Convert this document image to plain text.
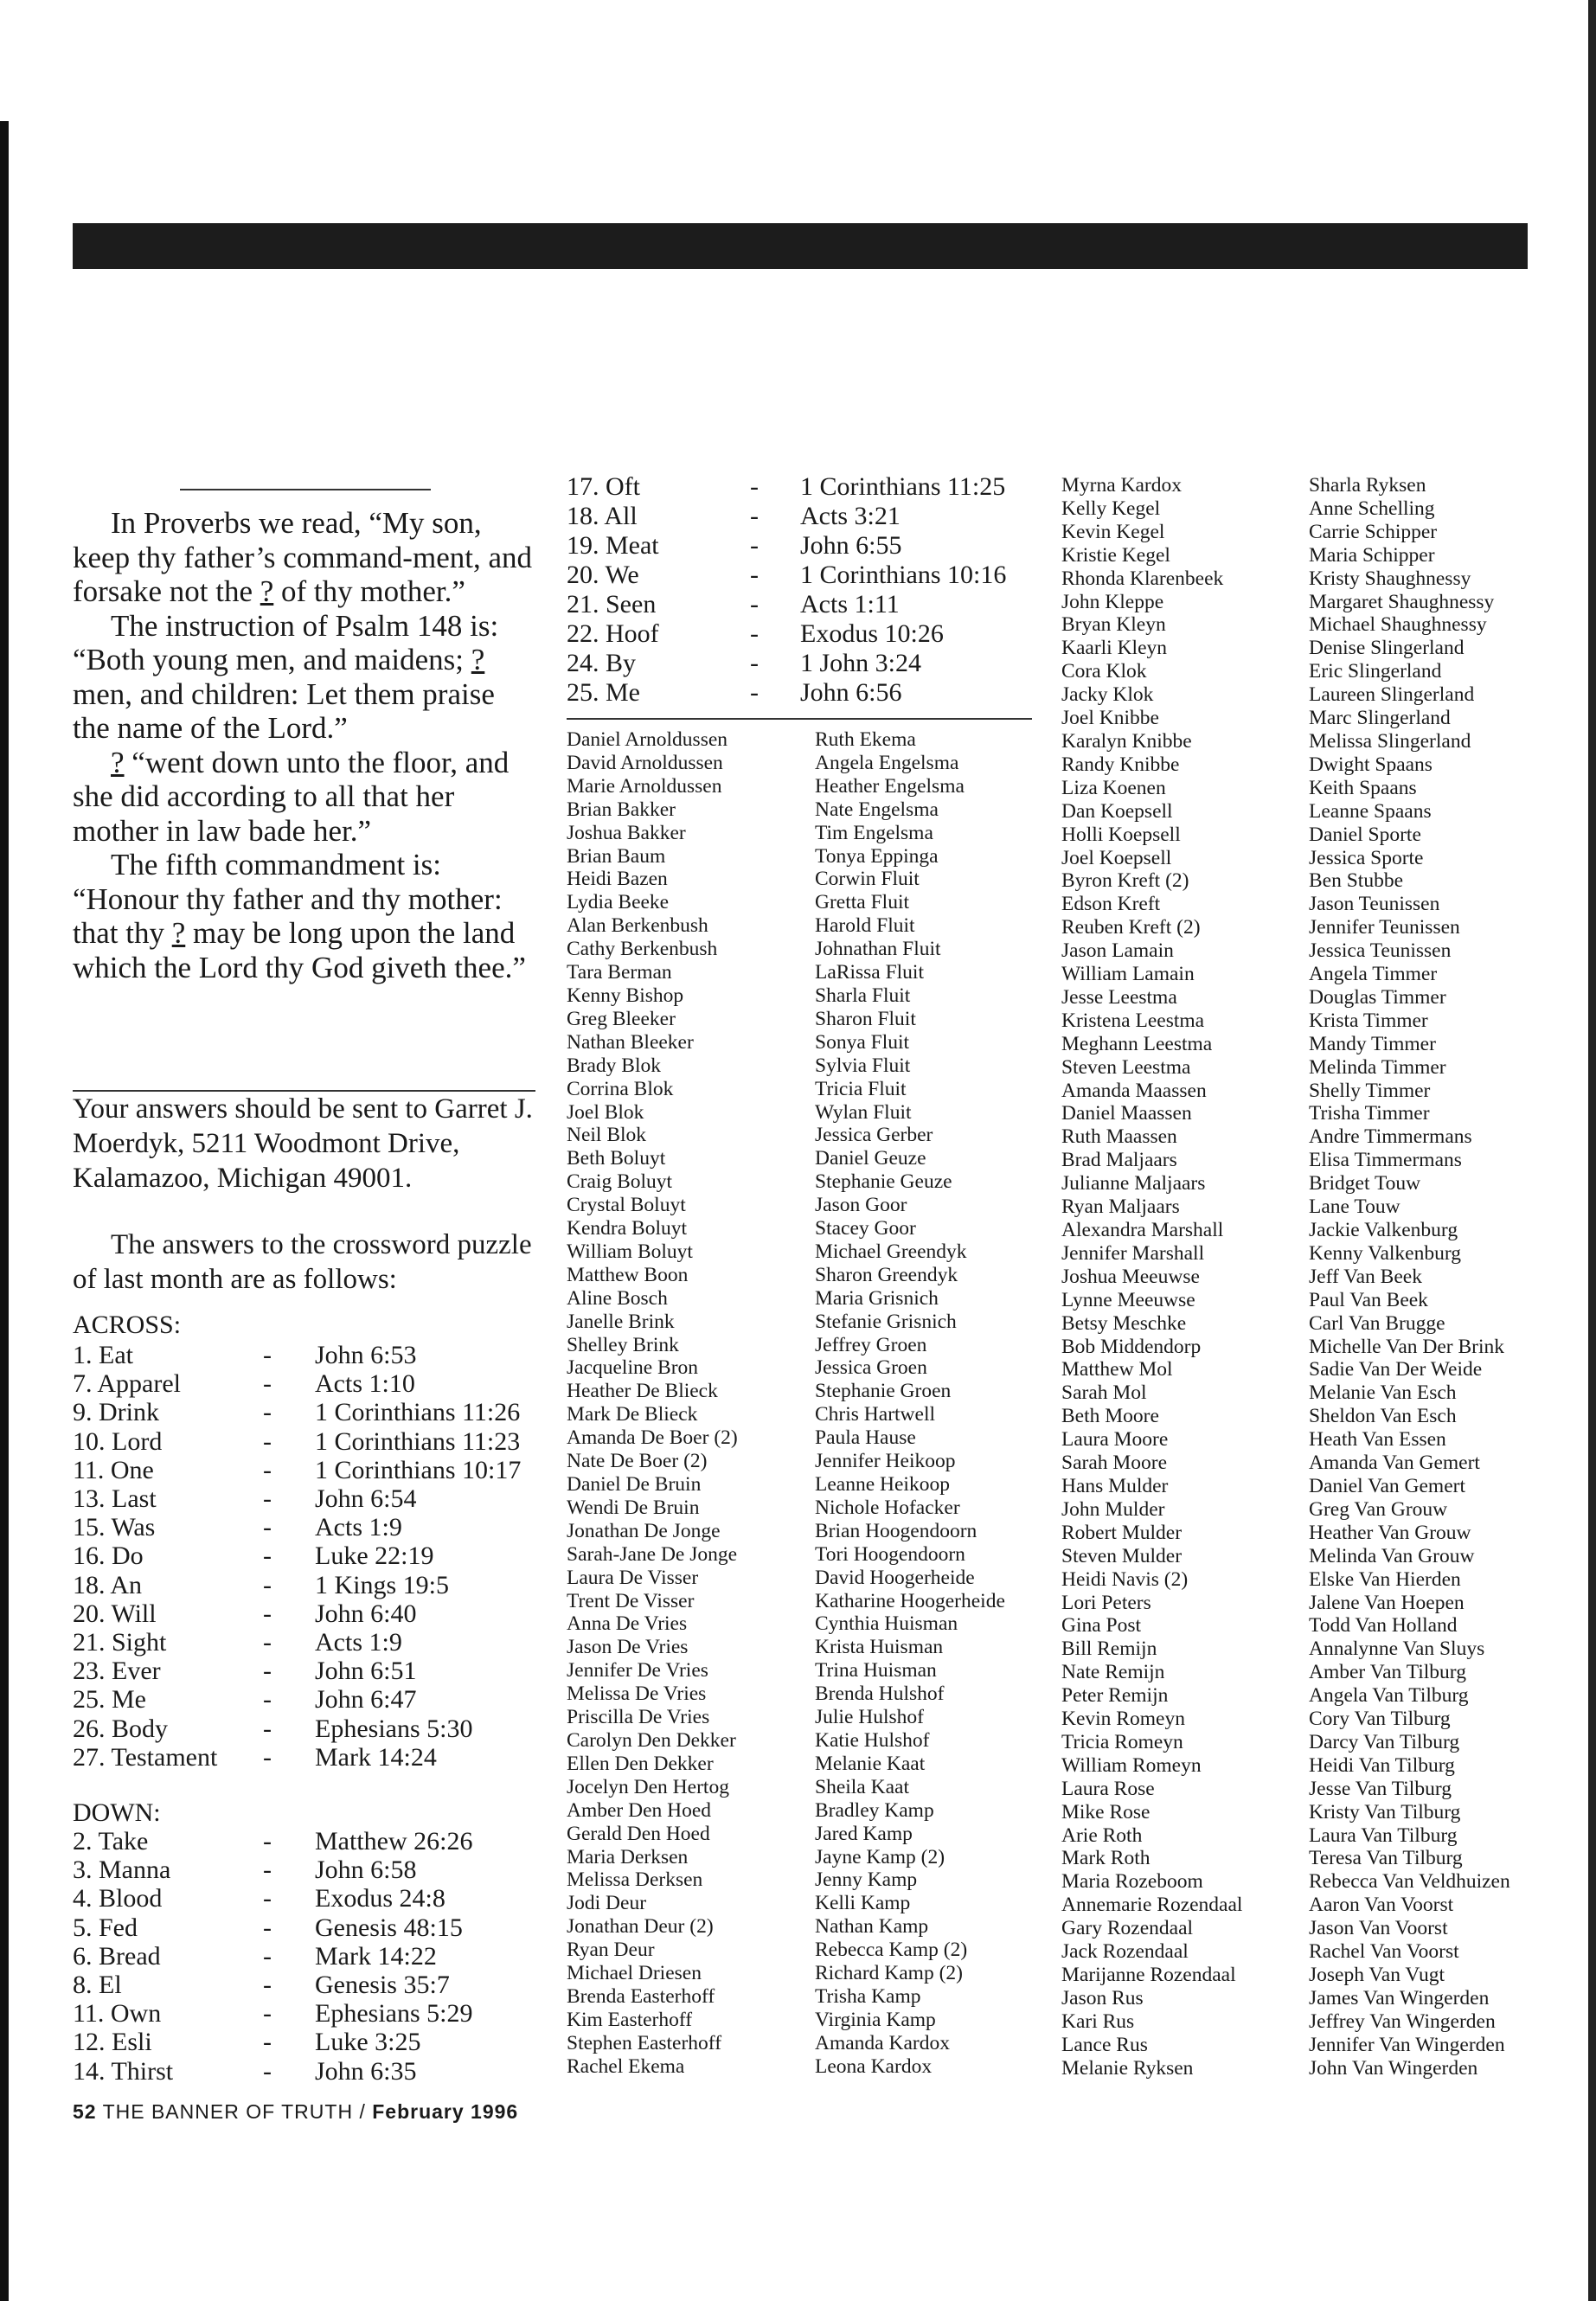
In Proverbs we read, “My son, keep thy father’s command-ment, and forsake not the ? of thy mother.”

The instruction of Psalm 148 is: “Both young men, and maidens; ? men, and children: Let them praise the name of the Lord.”

? “went down unto the floor, and she did according to all that her mother in law bade her.”

The fifth commandment is: “Honour thy father and thy mother: that thy ? may be long upon the land which the Lord thy God giveth thee.”

Your answers should be sent to Garret J. Moerdyk, 5211 Woodmont Drive, Kalamazoo, Michigan 49001.
The answers to the crossword puzzle of last month are as follows:
ACROSS:
1. Eat	-	John 6:53
7. Apparel	-	Acts 1:10
9. Drink	-	1 Corinthians 11:26
10. Lord	-	1 Corinthians 11:23
11. One	-	1 Corinthians 10:17
13. Last	-	John 6:54
15. Was	-	Acts 1:9
16. Do	-	Luke 22:19
18. An	-	1 Kings 19:5
20. Will	-	John 6:40
21. Sight	-	Acts 1:9
23. Ever	-	John 6:51
25. Me	-	John 6:47
26. Body	-	Ephesians 5:30
27. Testament	-	Mark 14:24
DOWN:
2. Take	-	Matthew 26:26
3. Manna	-	John 6:58
4. Blood	-	Exodus 24:8
5. Fed	-	Genesis 48:15
6. Bread	-	Mark 14:22
8. El	-	Genesis 35:7
11. Own	-	Ephesians 5:29
12. Esli	-	Luke 3:25
14. Thirst	-	John 6:35
52 THE BANNER OF TRUTH / February 1996
17. Oft	-	1 Corinthians 11:25
18. All	-	Acts 3:21
19. Meat	-	John 6:55
20. We	-	1 Corinthians 10:16
21. Seen	-	Acts 1:11
22. Hoof	-	Exodus 10:26
24. By	-	1 John 3:24
25. Me	-	John 6:56
Daniel Arnoldussen
David Arnoldussen
Marie Arnoldussen
Brian Bakker
Joshua Bakker
Brian Baum
Heidi Bazen
Lydia Beeke
Alan Berkenbush
Cathy Berkenbush
Tara Berman
Kenny Bishop
Greg Bleeker
Nathan Bleeker
Brady Blok
Corrina Blok
Joel Blok
Neil Blok
Beth Boluyt
Craig Boluyt
Crystal Boluyt
Kendra Boluyt
William Boluyt
Matthew Boon
Aline Bosch
Janelle Brink
Shelley Brink
Jacqueline Bron
Heather De Blieck
Mark De Blieck
Amanda De Boer (2)
Nate De Boer (2)
Daniel De Bruin
Wendi De Bruin
Jonathan De Jonge
Sarah-Jane De Jonge
Laura De Visser
Trent De Visser
Anna De Vries
Jason De Vries
Jennifer De Vries
Melissa De Vries
Priscilla De Vries
Carolyn Den Dekker
Ellen Den Dekker
Jocelyn Den Hertog
Amber Den Hoed
Gerald Den Hoed
Maria Derksen
Melissa Derksen
Jodi Deur
Jonathan Deur (2)
Ryan Deur
Michael Driesen
Brenda Easterhoff
Kim Easterhoff
Stephen Easterhoff
Rachel Ekema
Ruth Ekema
Angela Engelsma
Heather Engelsma
Nate Engelsma
Tim Engelsma
Tonya Eppinga
Corwin Fluit
Gretta Fluit
Harold Fluit
Johnathan Fluit
LaRissa Fluit
Sharla Fluit
Sharon Fluit
Sonya Fluit
Sylvia Fluit
Tricia Fluit
Wylan Fluit
Jessica Gerber
Daniel Geuze
Stephanie Geuze
Jason Goor
Stacey Goor
Michael Greendyk
Sharon Greendyk
Maria Grisnich
Stefanie Grisnich
Jeffrey Groen
Jessica Groen
Stephanie Groen
Chris Hartwell
Paula Hause
Jennifer Heikoop
Leanne Heikoop
Nichole Hofacker
Brian Hoogendoorn
Tori Hoogendoorn
David Hoogerheide
Katharine Hoogerheide
Cynthia Huisman
Krista Huisman
Trina Huisman
Brenda Hulshof
Julie Hulshof
Katie Hulshof
Melanie Kaat
Sheila Kaat
Bradley Kamp
Jared Kamp
Jayne Kamp (2)
Jenny Kamp
Kelli Kamp
Nathan Kamp
Rebecca Kamp (2)
Richard Kamp (2)
Trisha Kamp
Virginia Kamp
Amanda Kardox
Leona Kardox
Myrna Kardox
Kelly Kegel
Kevin Kegel
Kristie Kegel
Rhonda Klarenbeek
John Kleppe
Bryan Kleyn
Kaarli Kleyn
Cora Klok
Jacky Klok
Joel Knibbe
Karalyn Knibbe
Randy Knibbe
Liza Koenen
Dan Koepsell
Holli Koepsell
Joel Koepsell
Byron Kreft (2)
Edson Kreft
Reuben Kreft (2)
Jason Lamain
William Lamain
Jesse Leestma
Kristena Leestma
Meghann Leestma
Steven Leestma
Amanda Maassen
Daniel Maassen
Ruth Maassen
Brad Maljaars
Julianne Maljaars
Ryan Maljaars
Alexandra Marshall
Jennifer Marshall
Joshua Meeuwse
Lynne Meeuwse
Betsy Meschke
Bob Middendorp
Matthew Mol
Sarah Mol
Beth Moore
Laura Moore
Sarah Moore
Hans Mulder
John Mulder
Robert Mulder
Steven Mulder
Heidi Navis (2)
Lori Peters
Gina Post
Bill Remijn
Nate Remijn
Peter Remijn
Kevin Romeyn
Tricia Romeyn
William Romeyn
Laura Rose
Mike Rose
Arie Roth
Mark Roth
Maria Rozeboom
Annemarie Rozendaal
Gary Rozendaal
Jack Rozendaal
Marijanne Rozendaal
Jason Rus
Kari Rus
Lance Rus
Melanie Ryksen
Sharla Ryksen
Anne Schelling
Carrie Schipper
Maria Schipper
Kristy Shaughnessy
Margaret Shaughnessy
Michael Shaughnessy
Denise Slingerland
Eric Slingerland
Laureen Slingerland
Marc Slingerland
Melissa Slingerland
Dwight Spaans
Keith Spaans
Leanne Spaans
Daniel Sporte
Jessica Sporte
Ben Stubbe
Jason Teunissen
Jennifer Teunissen
Jessica Teunissen
Angela Timmer
Douglas Timmer
Krista Timmer
Mandy Timmer
Melinda Timmer
Shelly Timmer
Trisha Timmer
Andre Timmermans
Elisa Timmermans
Bridget Touw
Lane Touw
Jackie Valkenburg
Kenny Valkenburg
Jeff Van Beek
Paul Van Beek
Carl Van Brugge
Michelle Van Der Brink
Sadie Van Der Weide
Melanie Van Esch
Sheldon Van Esch
Heath Van Essen
Amanda Van Gemert
Daniel Van Gemert
Greg Van Grouw
Heather Van Grouw
Melinda Van Grouw
Elske Van Hierden
Jalene Van Hoepen
Todd Van Holland
Annalynne Van Sluys
Amber Van Tilburg
Angela Van Tilburg
Cory Van Tilburg
Darcy Van Tilburg
Heidi Van Tilburg
Jesse Van Tilburg
Kristy Van Tilburg
Laura Van Tilburg
Teresa Van Tilburg
Rebecca Van Veldhuizen
Aaron Van Voorst
Jason Van Voorst
Rachel Van Voorst
Joseph Van Vugt
James Van Wingerden
Jeffrey Van Wingerden
Jennifer Van Wingerden
John Van Wingerden
